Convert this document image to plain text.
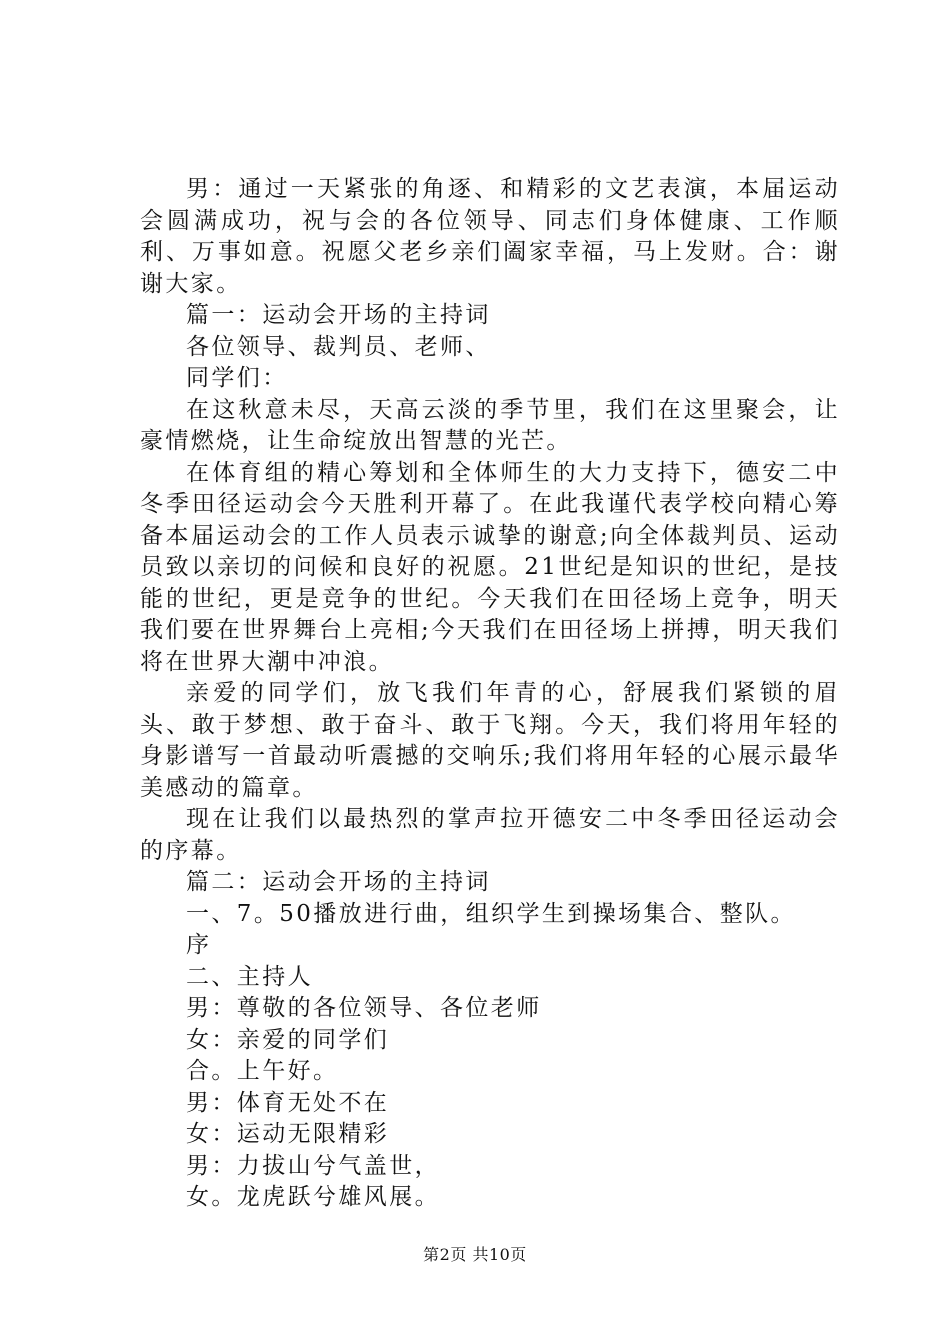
男：通过一天紧张的角逐、和精彩的文艺表演，本届运动会圆满成功，祝与会的各位领导、同志们身体健康、工作顺利、万事如意。祝愿父老乡亲们阖家幸福，马上发财。合：谢谢大家。

篇一：运动会开场的主持词

各位领导、裁判员、老师、

同学们：

在这秋意未尽，天高云淡的季节里，我们在这里聚会，让豪情燃烧，让生命绽放出智慧的光芒。

在体育组的精心筹划和全体师生的大力支持下，德安二中冬季田径运动会今天胜利开幕了。在此我谨代表学校向精心筹备本届运动会的工作人员表示诚挚的谢意;向全体裁判员、运动员致以亲切的问候和良好的祝愿。21世纪是知识的世纪，是技能的世纪，更是竞争的世纪。今天我们在田径场上竞争，明天我们要在世界舞台上亮相;今天我们在田径场上拼搏，明天我们将在世界大潮中冲浪。

亲爱的同学们，放飞我们年青的心，舒展我们紧锁的眉头、敢于梦想、敢于奋斗、敢于飞翔。今天，我们将用年轻的身影谱写一首最动听震撼的交响乐;我们将用年轻的心展示最华美感动的篇章。

现在让我们以最热烈的掌声拉开德安二中冬季田径运动会的序幕。

篇二：运动会开场的主持词

一、7。50播放进行曲，组织学生到操场集合、整队。

序

二、主持人

男：尊敬的各位领导、各位老师

女：亲爱的同学们

合。上午好。

男：体育无处不在

女：运动无限精彩

男：力拔山兮气盖世，

女。龙虎跃兮雄风展。

第2页 共10页
